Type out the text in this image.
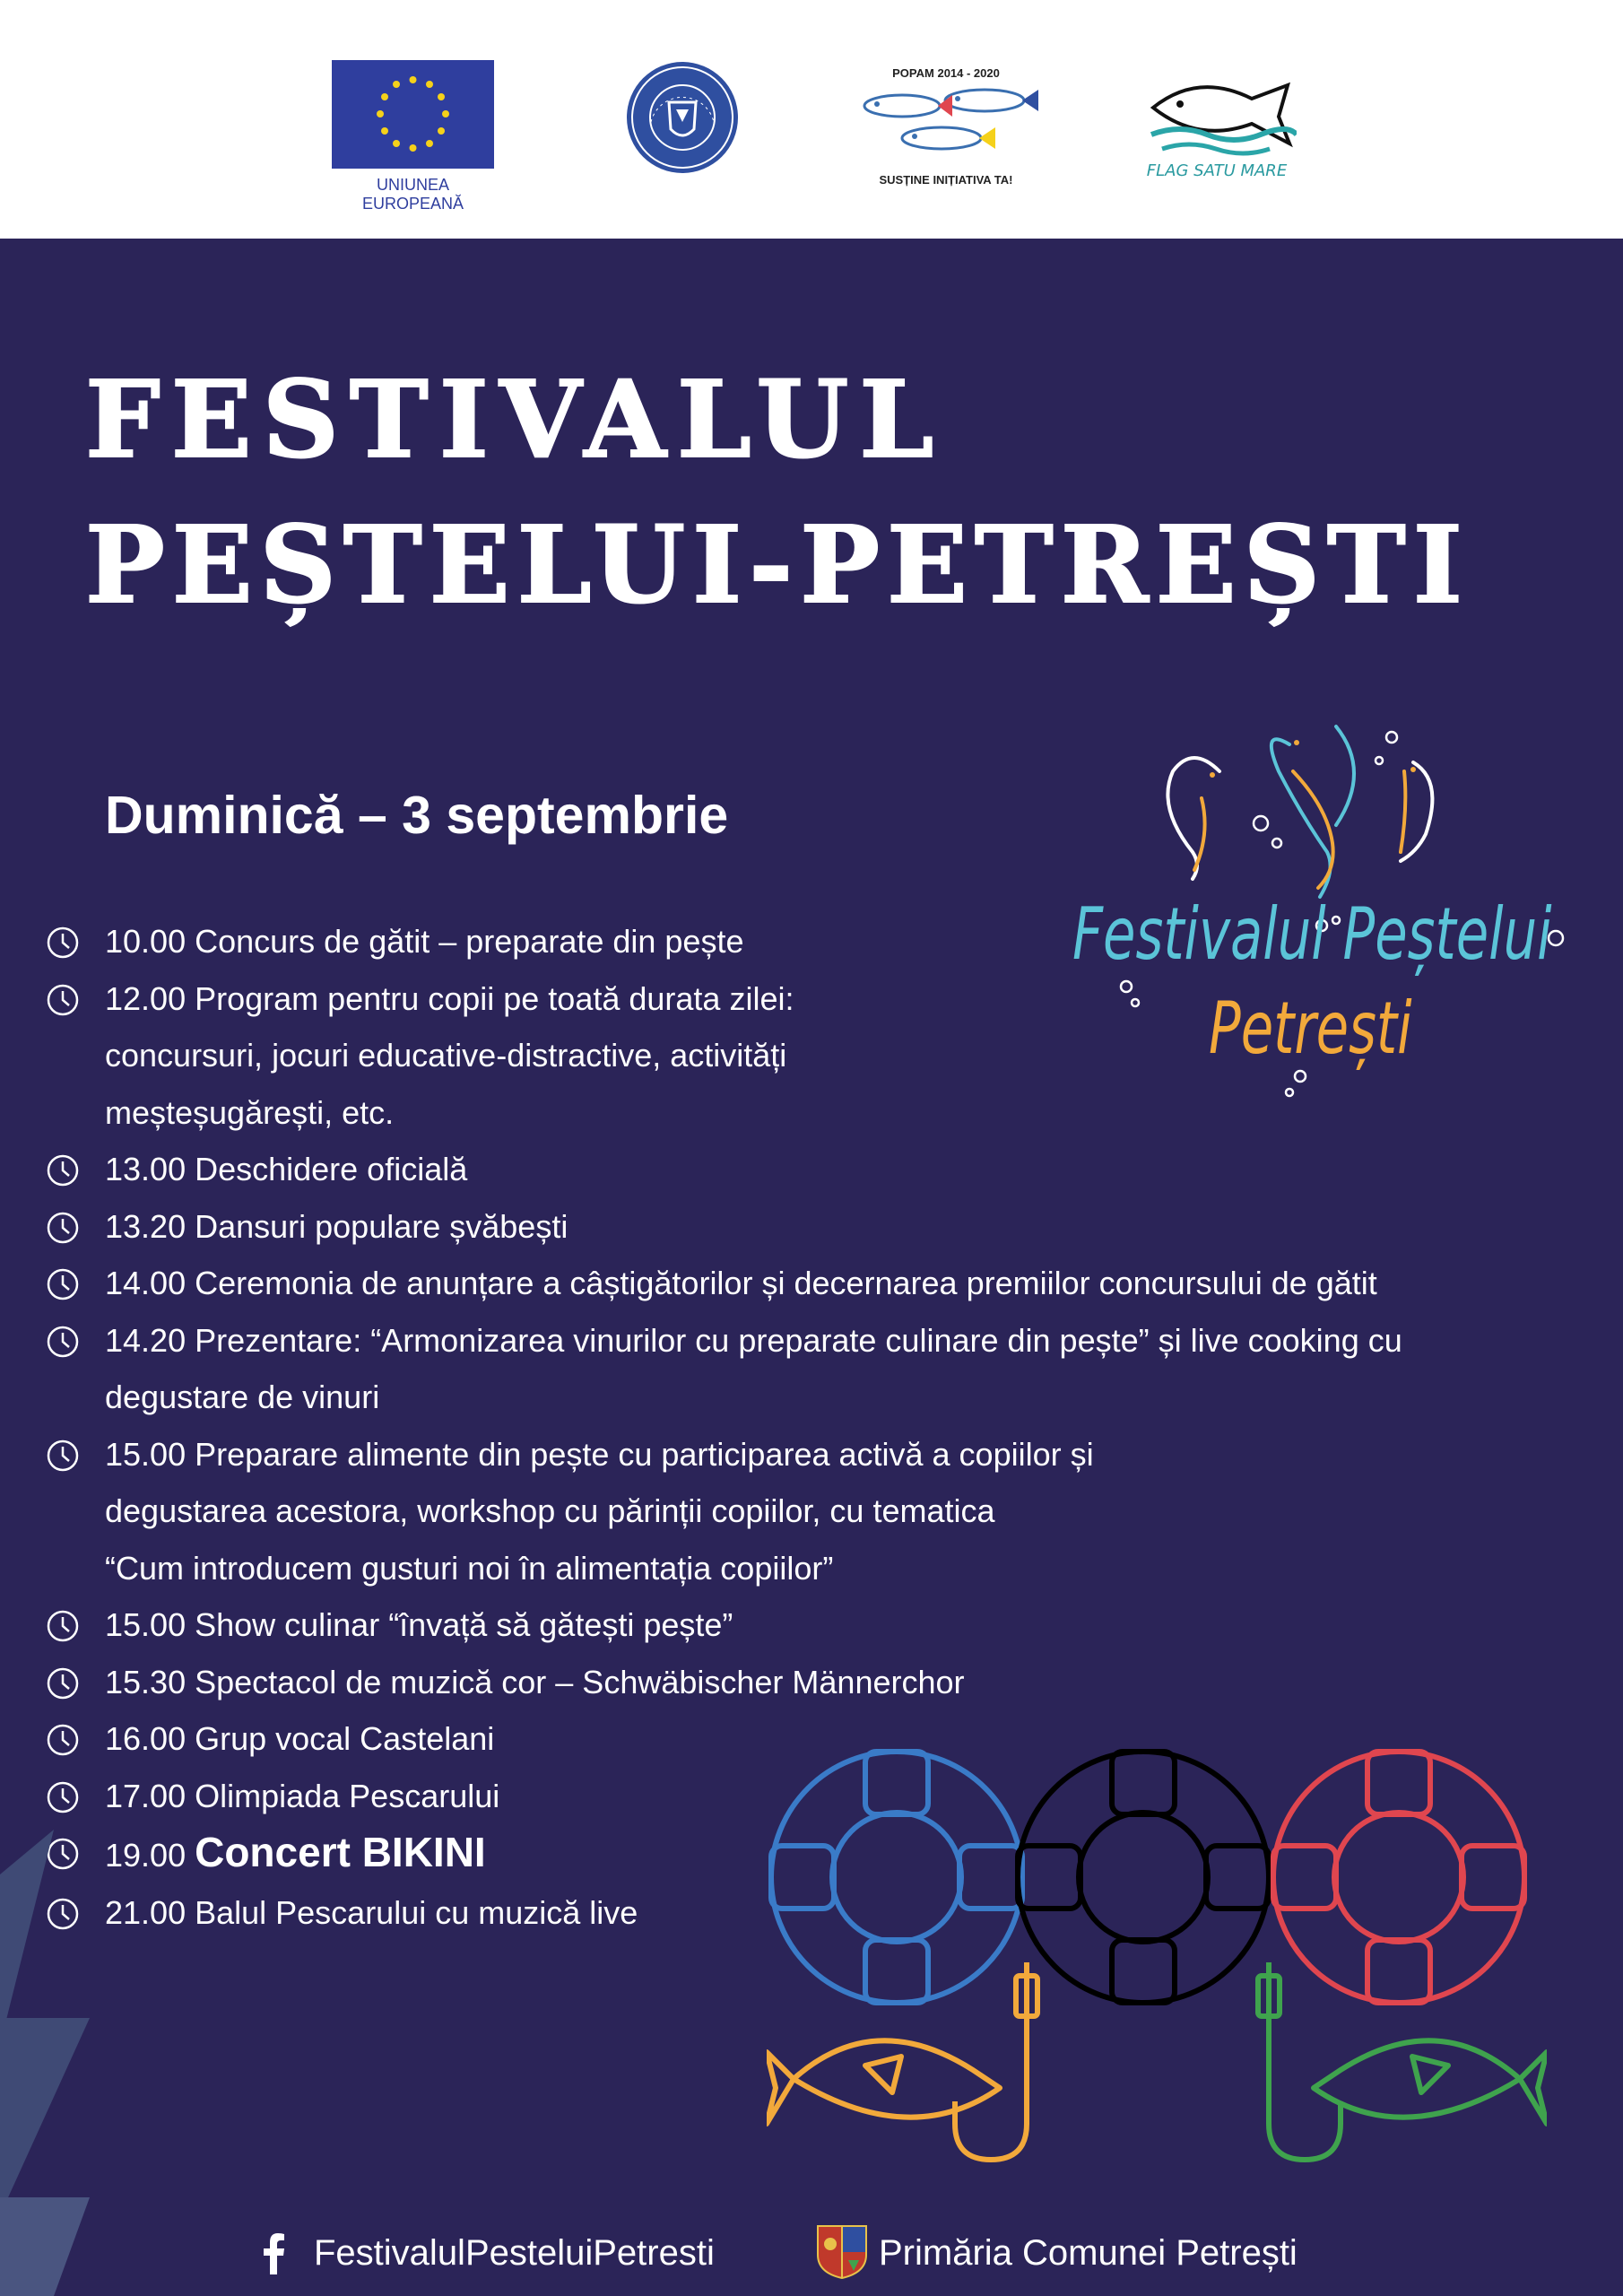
UNIUNEA EUROPEANĂ
POPAM 2014 - 2020
SUSȚINE INIȚIATIVA TA!	FLAG SATU MARE
FESTIVALUL
PEȘTELUI-PETREȘTI
Festivalul Peștelui
Petrești
Duminică – 3 septembrie
10.00 Concurs de gătit – preparate din pește
12.00 Program pentru copii pe toată durata zilei:
concursuri, jocuri educative-distractive, activități
meșteșugărești, etc.
13.00 Deschidere oficială
13.20 Dansuri populare șvăbești
14.00 Ceremonia de anunțare a câștigătorilor și decernarea premiilor concursului de gătit
14.20 Prezentare: “Armonizarea vinurilor cu preparate culinare din pește” și live cooking cu
degustare de vinuri
15.00 Preparare alimente din pește cu participarea activă a copiilor și
degustarea acestora, workshop cu părinții copiilor, cu tematica
“Cum introducem gusturi noi în alimentația copiilor”
15.00 Show culinar “învață să gătești pește”
15.30 Spectacol de muzică cor – Schwäbischer Männerchor
16.00 Grup vocal Castelani
17.00 Olimpiada Pescarului
19.00 Concert BIKINI
21.00 Balul Pescarului cu muzică live
FestivalulPesteluiPetresti	Primăria Comunei Petrești
